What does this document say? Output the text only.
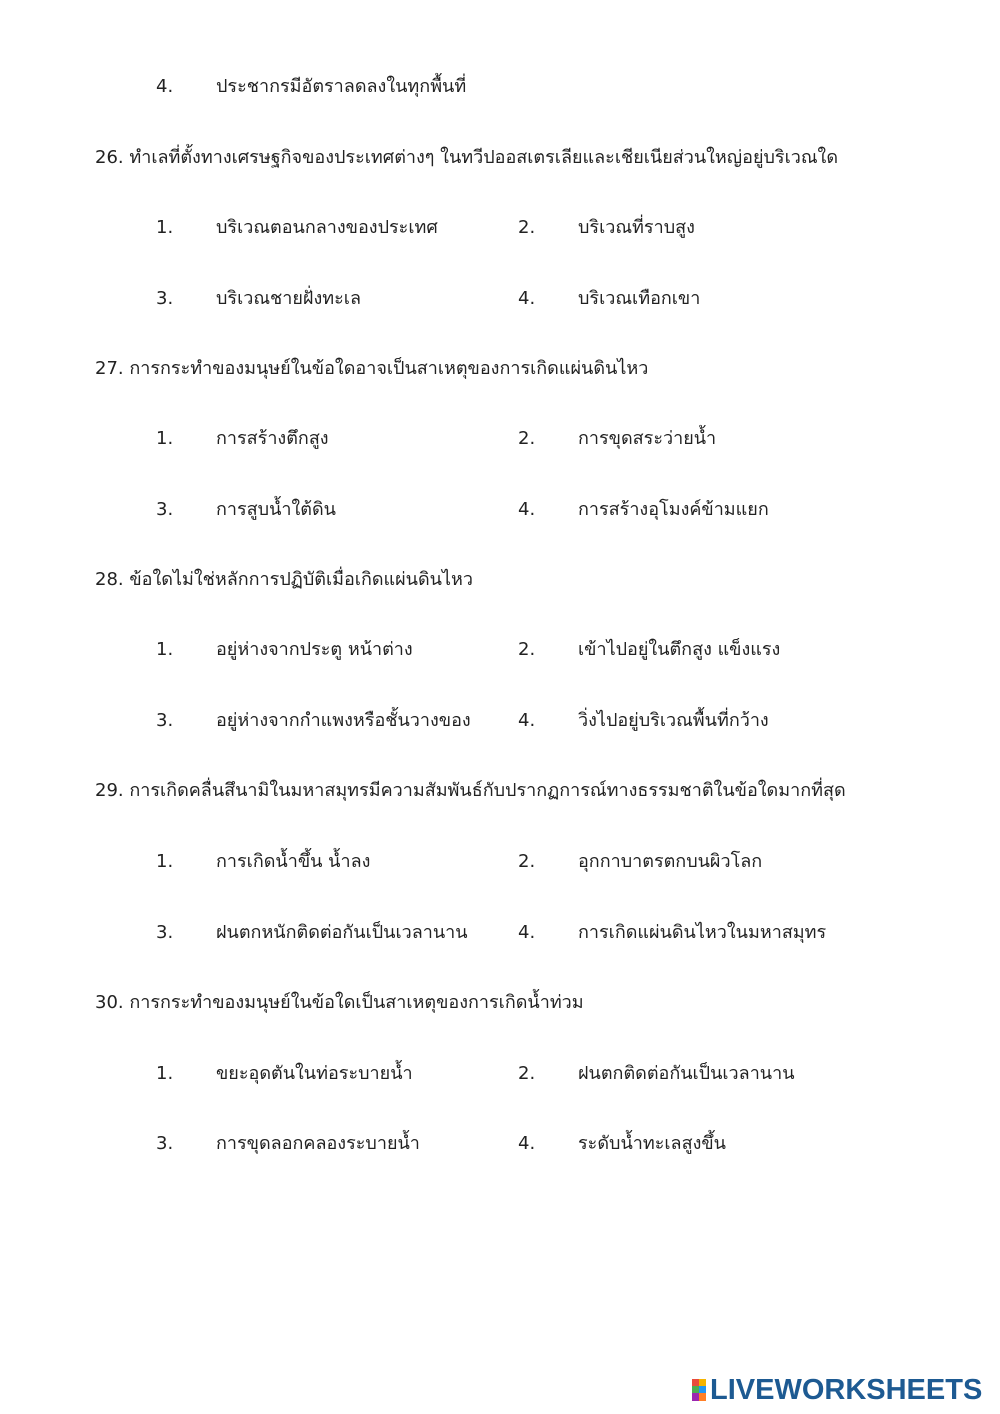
4. ประชากรมีอัตราลดลงในทุกพื้นที่
26. ทำเลที่ตั้งทางเศรษฐกิจของประเทศต่างๆ ในทวีปออสเตรเลียและเชียเนียส่วนใหญ่อยู่บริเวณใด
1. บริเวณตอนกลางของประเทศ	2. บริเวณที่ราบสูง
3. บริเวณชายฝั่งทะเล	4. บริเวณเทือกเขา
27. การกระทำของมนุษย์ในข้อใดอาจเป็นสาเหตุของการเกิดแผ่นดินไหว
1. การสร้างตึกสูง	2. การขุดสระว่ายน้ำ
3. การสูบน้ำใต้ดิน	4. การสร้างอุโมงค์ข้ามแยก
28. ข้อใดไม่ใช่หลักการปฏิบัติเมื่อเกิดแผ่นดินไหว
1. อยู่ห่างจากประตู หน้าต่าง	2. เข้าไปอยู่ในตึกสูง แข็งแรง
3. อยู่ห่างจากกำแพงหรือชั้นวางของ	4. วิ่งไปอยู่บริเวณพื้นที่กว้าง
29. การเกิดคลื่นสึนามิในมหาสมุทรมีความสัมพันธ์กับปรากฏการณ์ทางธรรมชาติในข้อใดมากที่สุด
1. การเกิดน้ำขึ้น น้ำลง	2. อุกกาบาตรตกบนผิวโลก
3. ฝนตกหนักติดต่อกันเป็นเวลานาน	4. การเกิดแผ่นดินไหวในมหาสมุทร
30. การกระทำของมนุษย์ในข้อใดเป็นสาเหตุของการเกิดน้ำท่วม
1. ขยะอุดตันในท่อระบายน้ำ	2. ฝนตกติดต่อกันเป็นเวลานาน
3. การขุดลอกคลองระบายน้ำ	4. ระดับน้ำทะเลสูงขึ้น
LIVEWORKSHEETS
